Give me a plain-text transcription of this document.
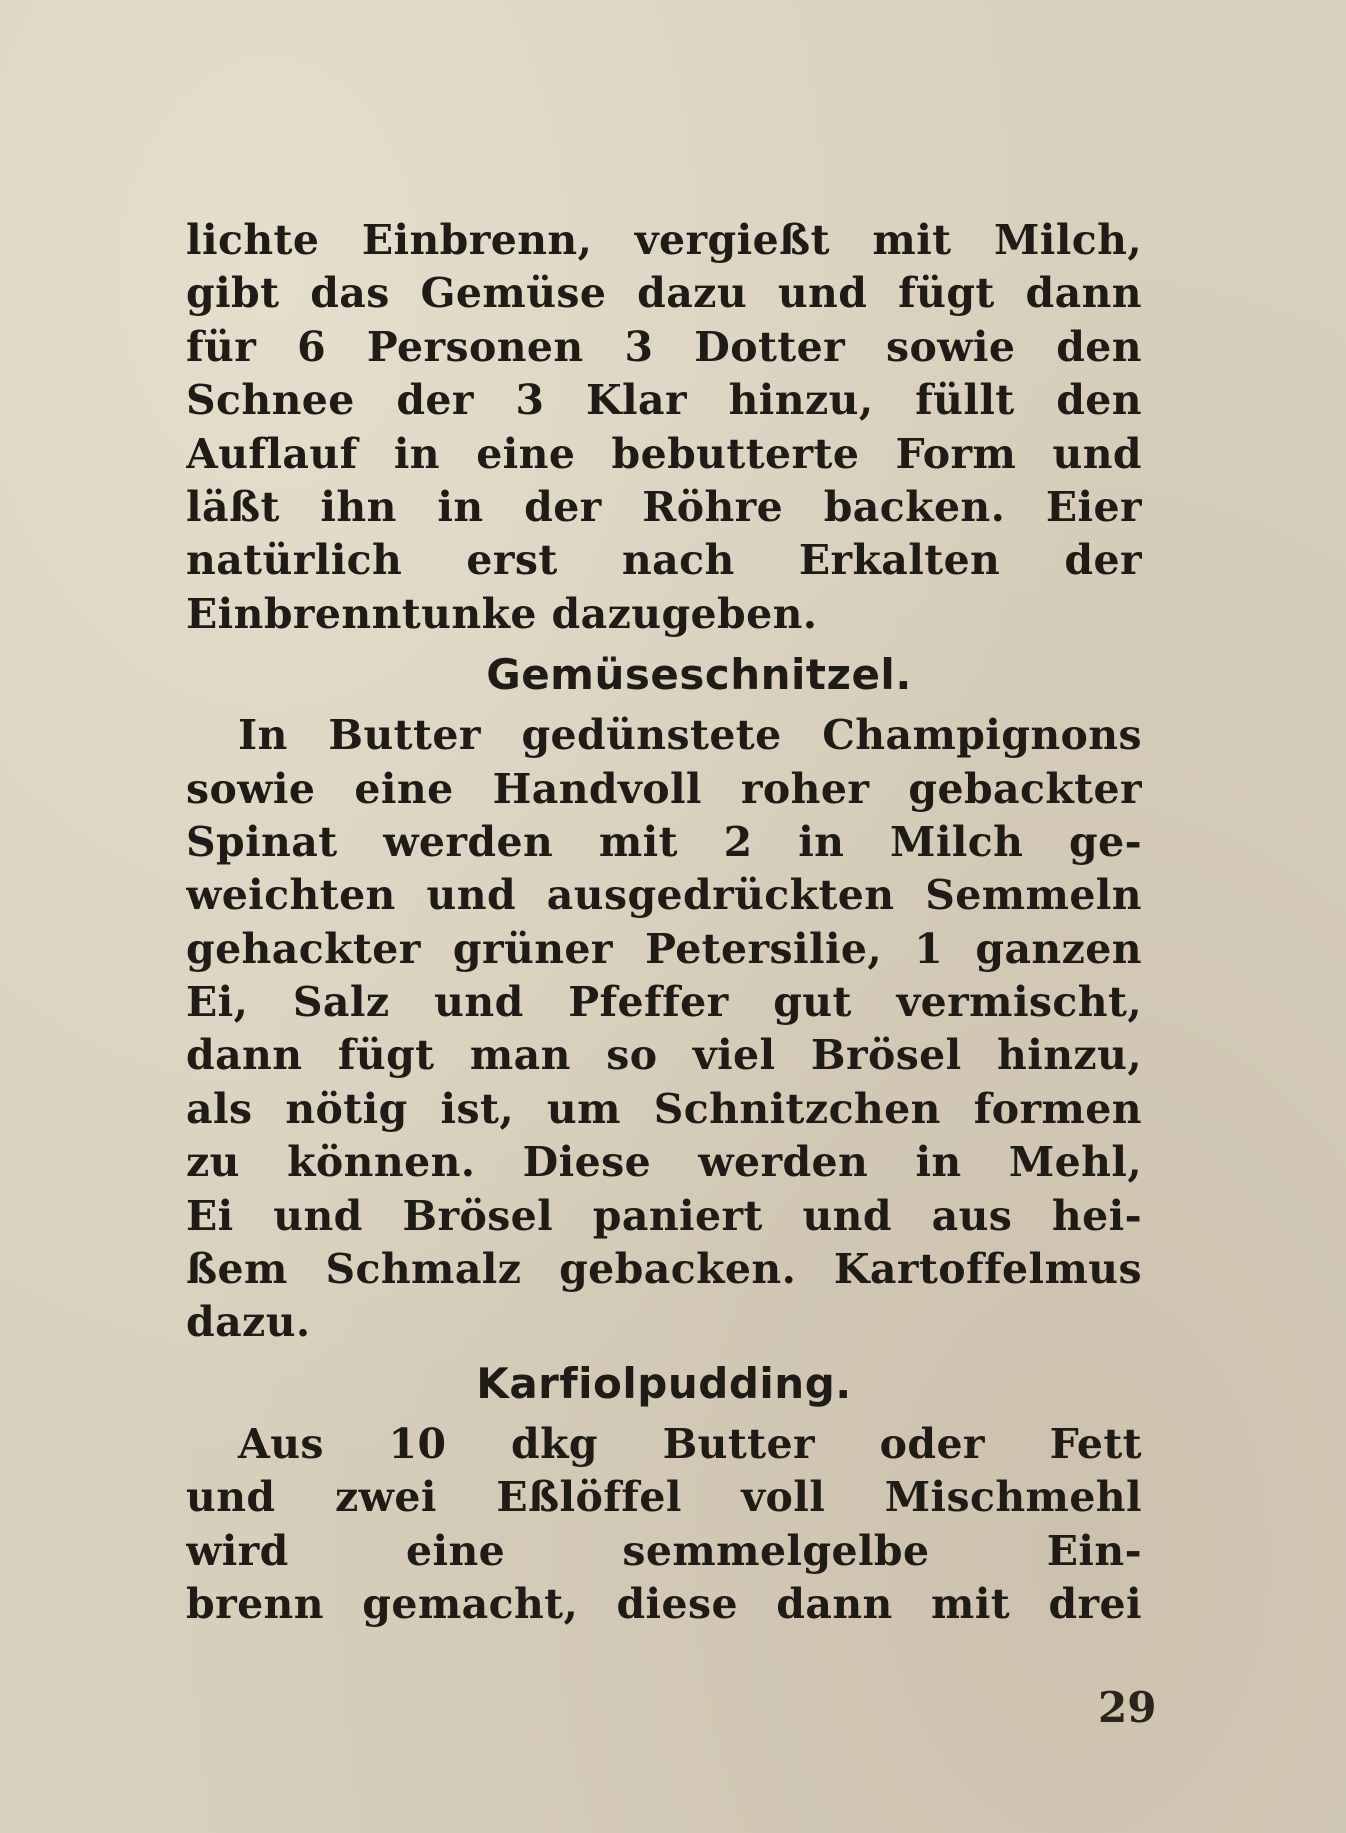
lichte Einbrenn, vergießt mit Milch,
gibt das Gemüse dazu und fügt dann
für 6 Personen 3 Dotter sowie den
Schnee der 3 Klar hinzu, füllt den
Auflauf in eine bebutterte Form und
läßt ihn in der Röhre backen. Eier
natürlich erst nach Erkalten der
Einbrenntunke dazugeben.
Gemüseschnitzel.
In Butter gedünstete Champignons
sowie eine Handvoll roher gebackter
Spinat werden mit 2 in Milch ge-
weichten und ausgedrückten Semmeln
gehackter grüner Petersilie, 1 ganzen
Ei, Salz und Pfeffer gut vermischt,
dann fügt man so viel Brösel hinzu,
als nötig ist, um Schnitzchen formen
zu können. Diese werden in Mehl,
Ei und Brösel paniert und aus hei-
ßem Schmalz gebacken. Kartoffelmus
dazu.
Karfiolpudding.
Aus 10 dkg Butter oder Fett
und zwei Eßlöffel voll Mischmehl
wird eine semmelgelbe Ein-
brenn gemacht, diese dann mit drei
29
